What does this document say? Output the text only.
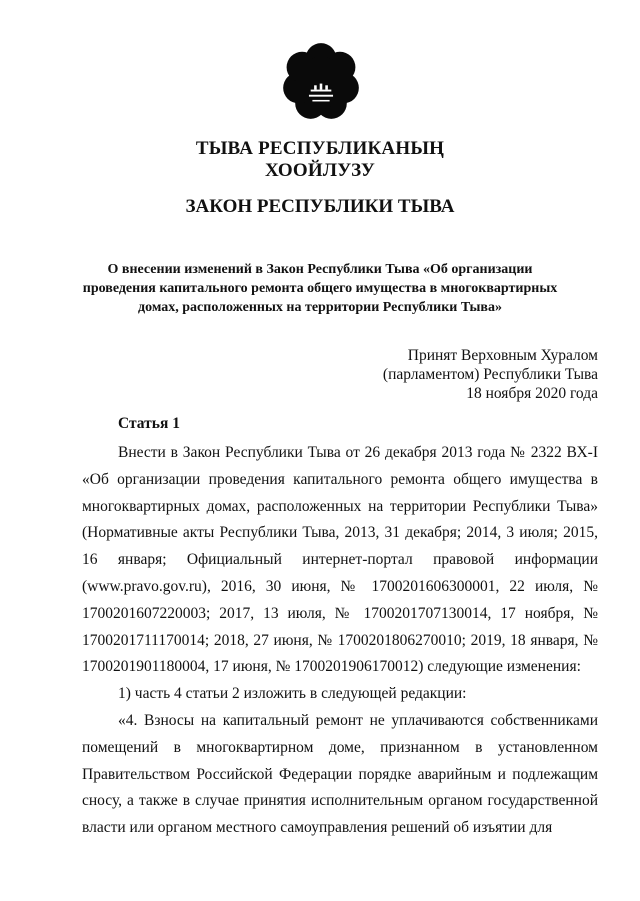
ТЫВА РЕСПУБЛИКАНЫҢ
ХООЙЛУЗУ
ЗАКОН РЕСПУБЛИКИ ТЫВА
О внесении изменений в Закон Республики Тыва «Об организации
проведения капитального ремонта общего имущества в многоквартирных
домах, расположенных на территории Республики Тыва»
Принят Верховным Хуралом
(парламентом) Республики Тыва
18 ноября 2020 года
Статья 1

Внести в Закон Республики Тыва от 26 декабря 2013 года № 2322 ВХ-I «Об организации проведения капитального ремонта общего имущества в многоквартирных домах, расположенных на территории Республики Тыва» (Нормативные акты Республики Тыва, 2013, 31 декабря; 2014, 3 июля; 2015, 16 января; Официальный интернет-портал правовой информации (www.pravo.gov.ru), 2016, 30 июня, № 1700201606300001, 22 июля, № 1700201607220003; 2017, 13 июля, № 1700201707130014, 17 ноября, № 1700201711170014; 2018, 27 июня, № 1700201806270010; 2019, 18 января, № 1700201901180004, 17 июня, № 1700201906170012) следующие изменения:

1) часть 4 статьи 2 изложить в следующей редакции:

«4. Взносы на капитальный ремонт не уплачиваются собственниками помещений в многоквартирном доме, признанном в установленном Правительством Российской Федерации порядке аварийным и подлежащим сносу, а также в случае принятия исполнительным органом государственной власти или органом местного самоуправления решений об изъятии для
